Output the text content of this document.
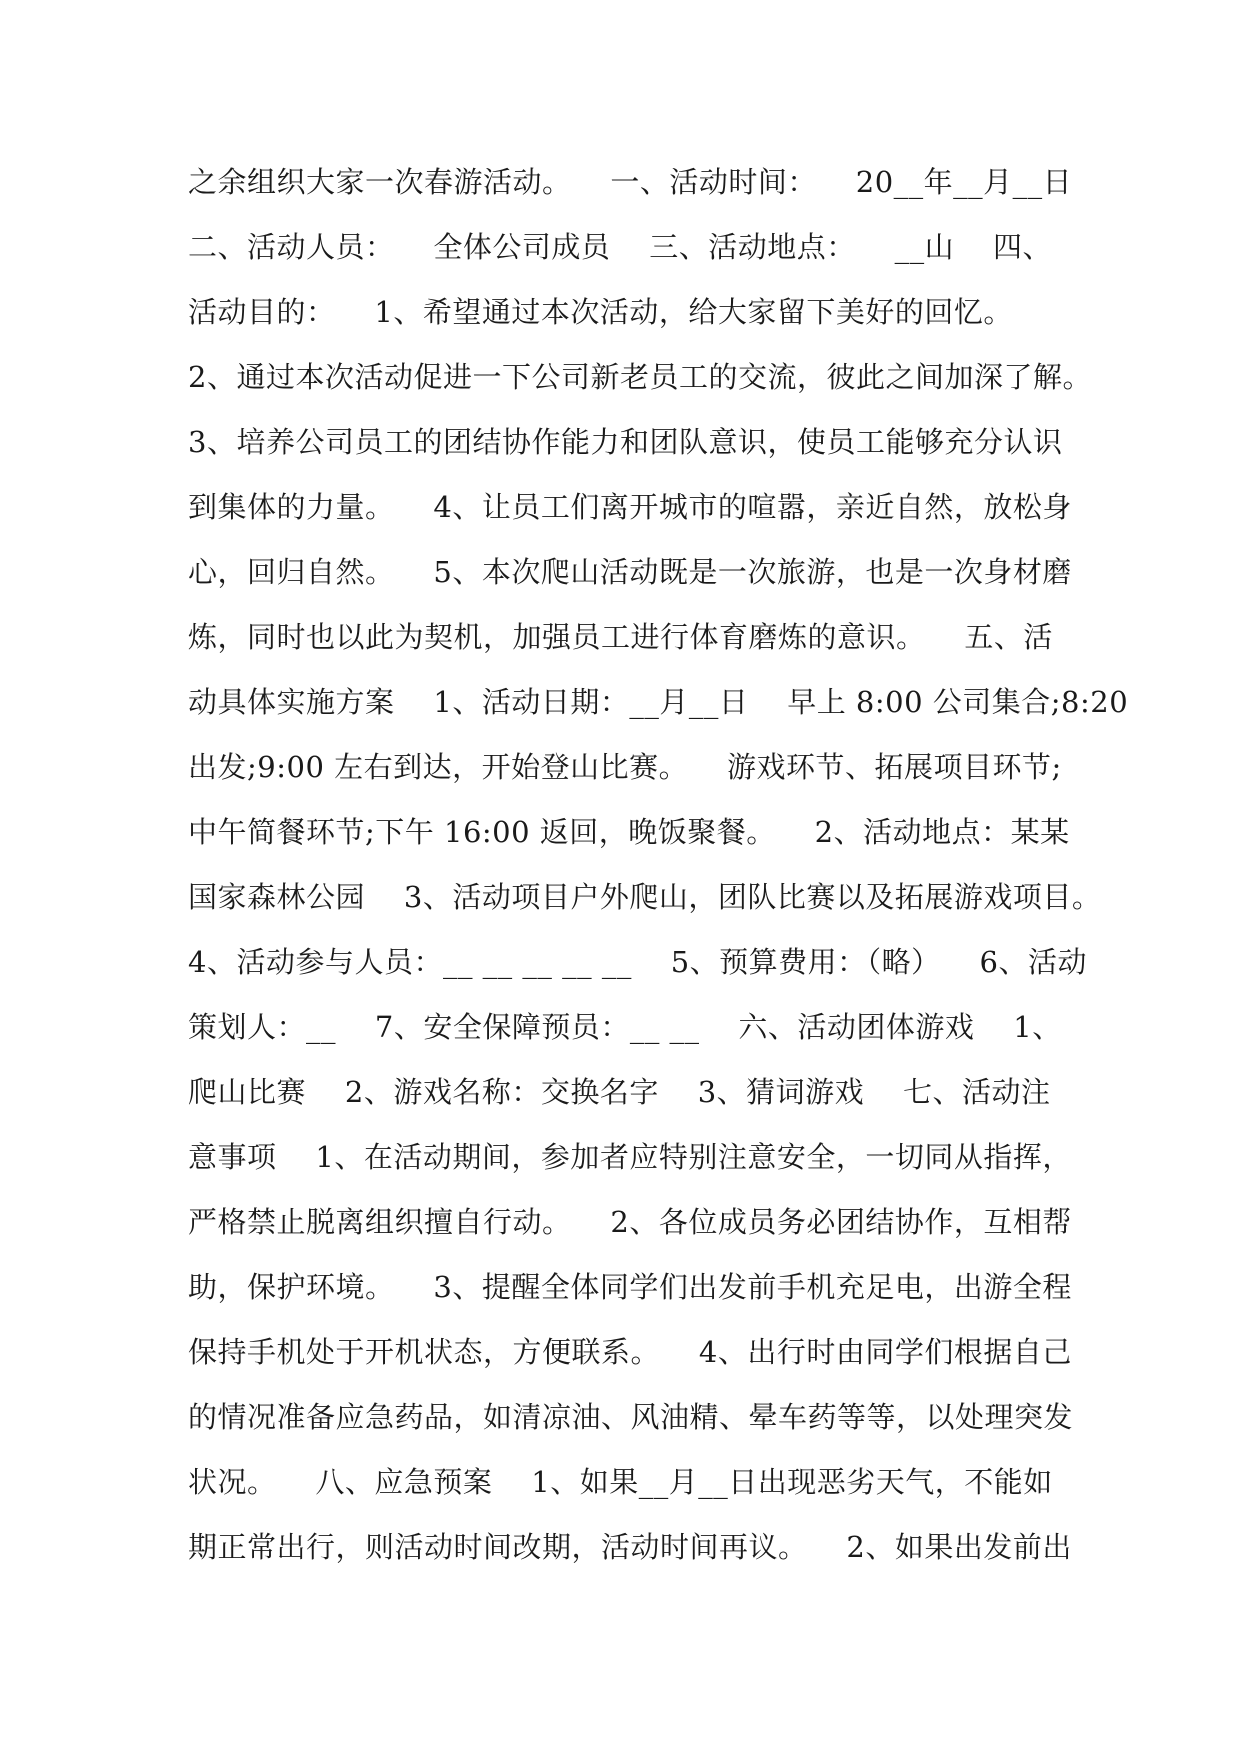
之余组织大家一次春游活动。    一、活动时间：    20__年__月__日
二、活动人员：    全体公司成员    三、活动地点：    __山    四、
活动目的：    1、希望通过本次活动，给大家留下美好的回忆。
2、通过本次活动促进一下公司新老员工的交流，彼此之间加深了解。
3、培养公司员工的团结协作能力和团队意识，使员工能够充分认识
到集体的力量。    4、让员工们离开城市的喧嚣，亲近自然，放松身
心，回归自然。    5、本次爬山活动既是一次旅游，也是一次身材磨
炼，同时也以此为契机，加强员工进行体育磨炼的意识。    五、活
动具体实施方案    1、活动日期：__月__日    早上 8:00 公司集合;8:20
出发;9:00 左右到达，开始登山比赛。    游戏环节、拓展项目环节;
中午简餐环节;下午 16:00 返回，晚饭聚餐。    2、活动地点：某某
国家森林公园    3、活动项目户外爬山，团队比赛以及拓展游戏项目。
4、活动参与人员：__ __ __ __ __    5、预算费用：（略）    6、活动
策划人：__    7、安全保障预员：__ __    六、活动团体游戏    1、
爬山比赛    2、游戏名称：交换名字    3、猜词游戏    七、活动注
意事项    1、在活动期间，参加者应特别注意安全，一切同从指挥，
严格禁止脱离组织擅自行动。    2、各位成员务必团结协作，互相帮
助，保护环境。    3、提醒全体同学们出发前手机充足电，出游全程
保持手机处于开机状态，方便联系。    4、出行时由同学们根据自己
的情况准备应急药品，如清凉油、风油精、晕车药等等，以处理突发
状况。    八、应急预案    1、如果__月__日出现恶劣天气，不能如
期正常出行，则活动时间改期，活动时间再议。    2、如果出发前出
